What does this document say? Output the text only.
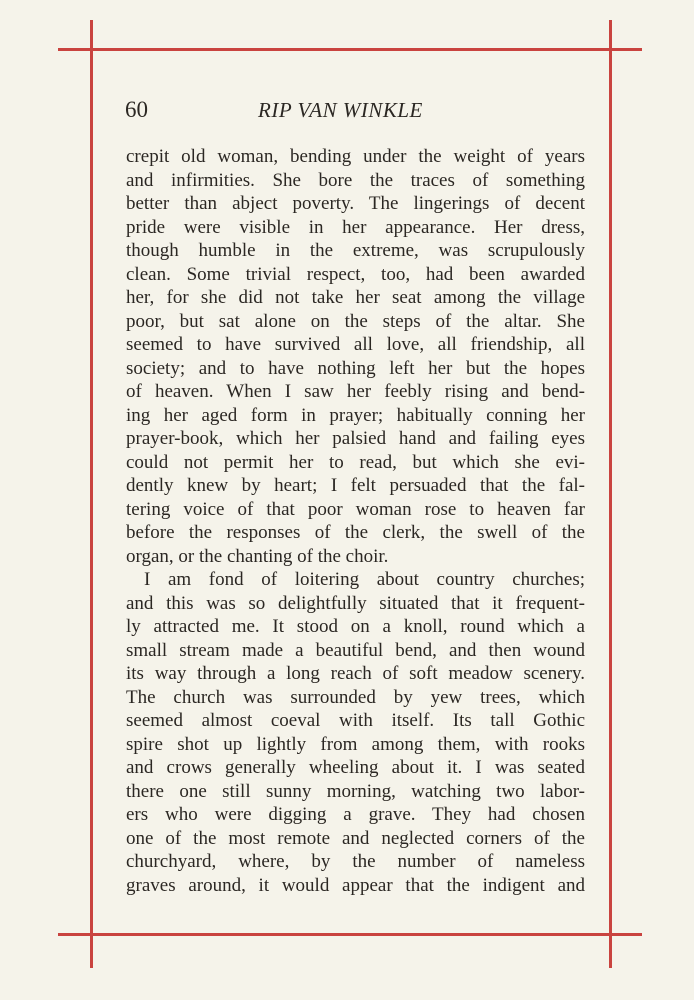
60	RIP VAN WINKLE
crepit old woman, bending under the weight of years
and infirmities. She bore the traces of something
better than abject poverty. The lingerings of decent
pride were visible in her appearance. Her dress,
though humble in the extreme, was scrupulously
clean. Some trivial respect, too, had been awarded
her, for she did not take her seat among the village
poor, but sat alone on the steps of the altar. She
seemed to have survived all love, all friendship, all
society; and to have nothing left her but the hopes
of heaven. When I saw her feebly rising and bend-
ing her aged form in prayer; habitually conning her
prayer-book, which her palsied hand and failing eyes
could not permit her to read, but which she evi-
dently knew by heart; I felt persuaded that the fal-
tering voice of that poor woman rose to heaven far
before the responses of the clerk, the swell of the
organ, or the chanting of the choir.
I am fond of loitering about country churches;
and this was so delightfully situated that it frequent-
ly attracted me. It stood on a knoll, round which a
small stream made a beautiful bend, and then wound
its way through a long reach of soft meadow scenery.
The church was surrounded by yew trees, which
seemed almost coeval with itself. Its tall Gothic
spire shot up lightly from among them, with rooks
and crows generally wheeling about it. I was seated
there one still sunny morning, watching two labor-
ers who were digging a grave. They had chosen
one of the most remote and neglected corners of the
churchyard, where, by the number of nameless
graves around, it would appear that the indigent and
